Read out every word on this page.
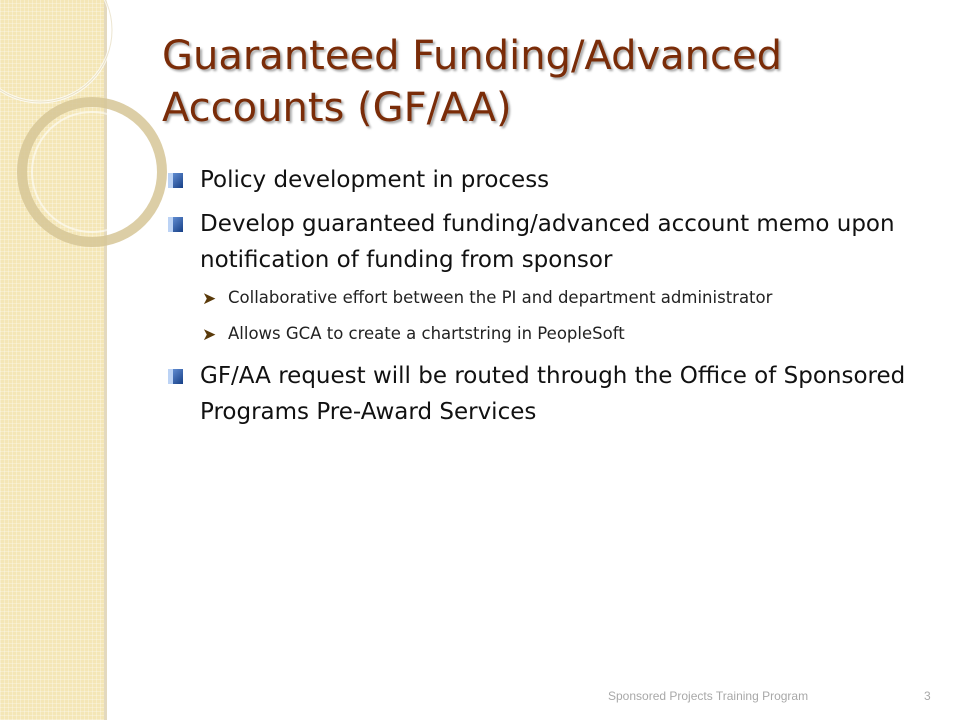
Guaranteed Funding/Advanced Accounts (GF/AA)
Policy development in process
Develop guaranteed funding/advanced account memo upon notification of funding from sponsor
➤ Collaborative effort between the PI and department administrator
➤ Allows GCA to create a chartstring in PeopleSoft
GF/AA request will be routed through the Office of Sponsored Programs Pre-Award Services
Sponsored Projects Training Program	3
